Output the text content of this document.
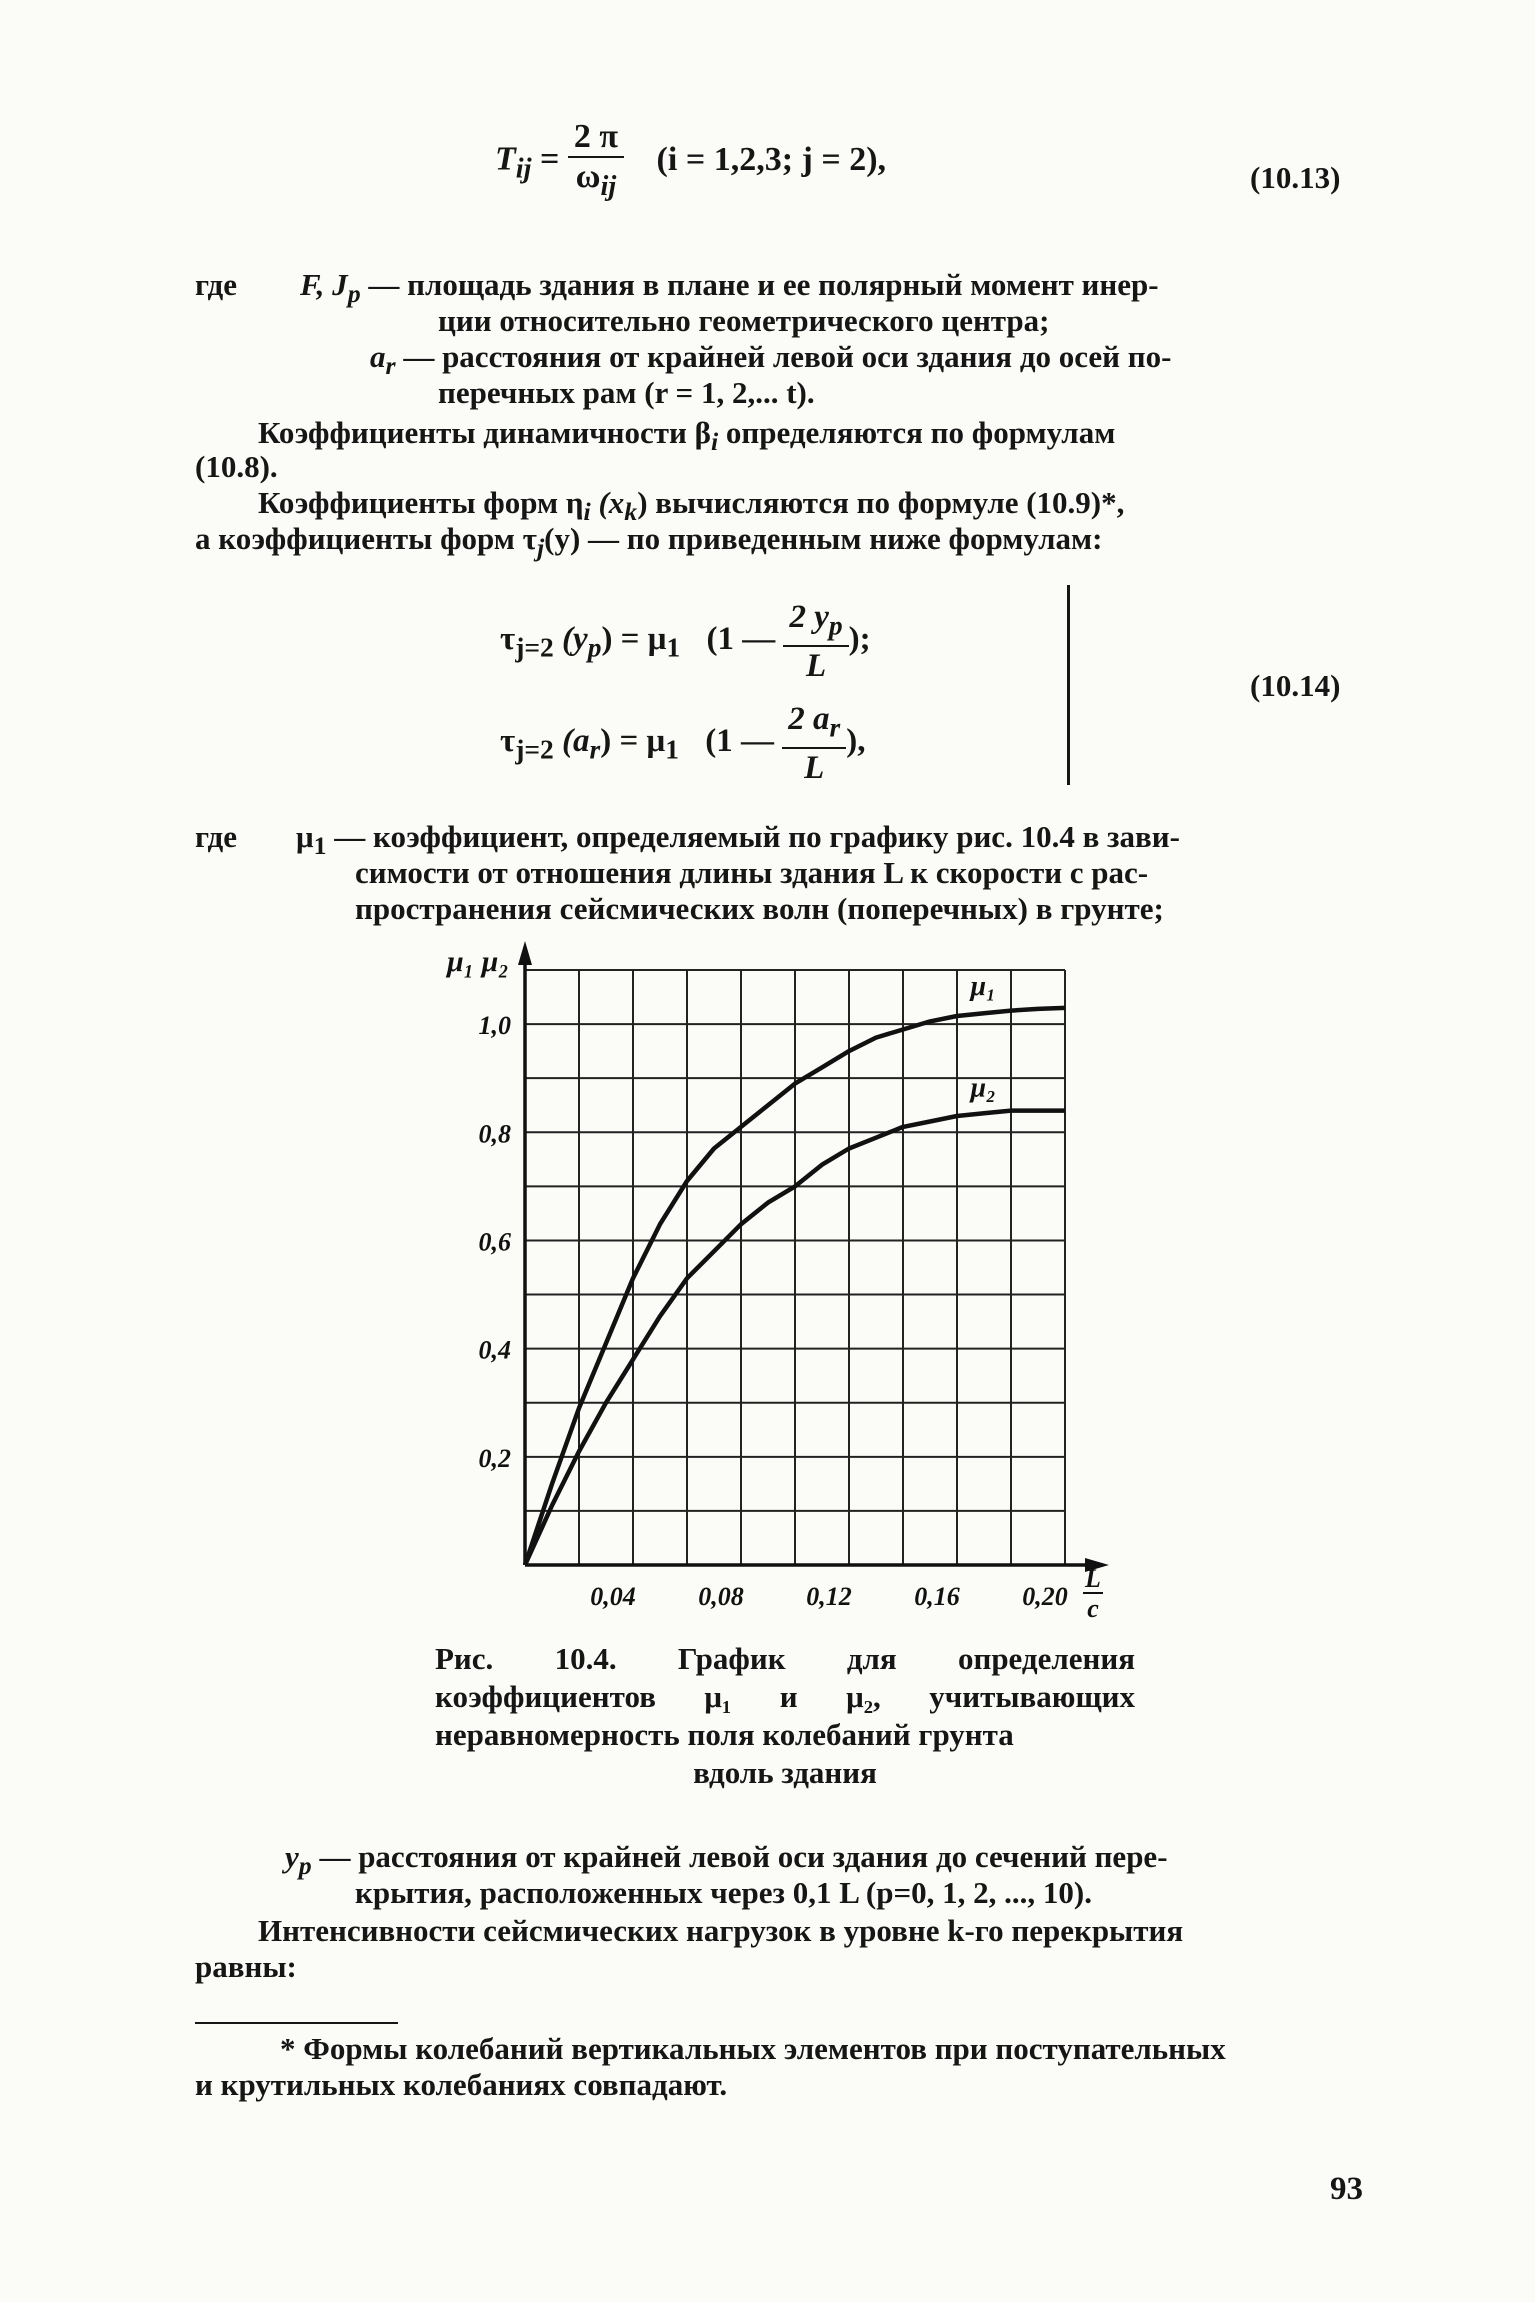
$T_{ij} = \frac{2 \pi}{\omega_{ij}} (i = 1,2,3$; j = 2),	(10.13)
где F, $J_p$ — площадь здания в плане и ее полярный момент инер-
ции относительно геометрического центра;
$a_r$ — расстояния от крайней левой оси здания до осей по-
перечных рам (r = 1, 2,... t).
Коэффициенты динамичности $\beta_i$ определяются по формулам
(10.8).
Коэффициенты форм $\eta_i$ $(x_k)$ вычисляются по формуле (10.9)*,
а коэффициенты форм $\tau_j(y)$ — по приведенным ниже формулам:
$\tau_{j=2}$ $(y_p) = \mu_1$ (1 — $\frac{2 y_p}{L}$ );
$\tau_{j=2}$ $(a_r) = \mu_1$ (1 — $\frac{2 a_r}{L}$ ),
(10.14)
где $\mu_1$ — коэффициент, определяемый по графику рис. 10.4 в зави-
симости от отношения длины здания L к скорости c рас-
пространения сейсмических волн (поперечных) в грунте;
0,2
0,4
0,6
0,8
1,0
0,04 0,08 0,12 0,16 0,20
μ₁ μ₂
L
c
μ₁
μ₂
Рис. 10.4. График для определения коэффициентов μ₁ и μ₂, учитывающих неравномерность поля колебаний грунта
вдоль здания
$y_p$ — расстояния от крайней левой оси здания до сечений пере-
крытия, расположенных через 0,1 L (p=0, 1, 2, ..., 10).
Интенсивности сейсмических нагрузок в уровне k-го перекрытия
равны:
* Формы колебаний вертикальных элементов при поступательных
и крутильных колебаниях совпадают.
93
